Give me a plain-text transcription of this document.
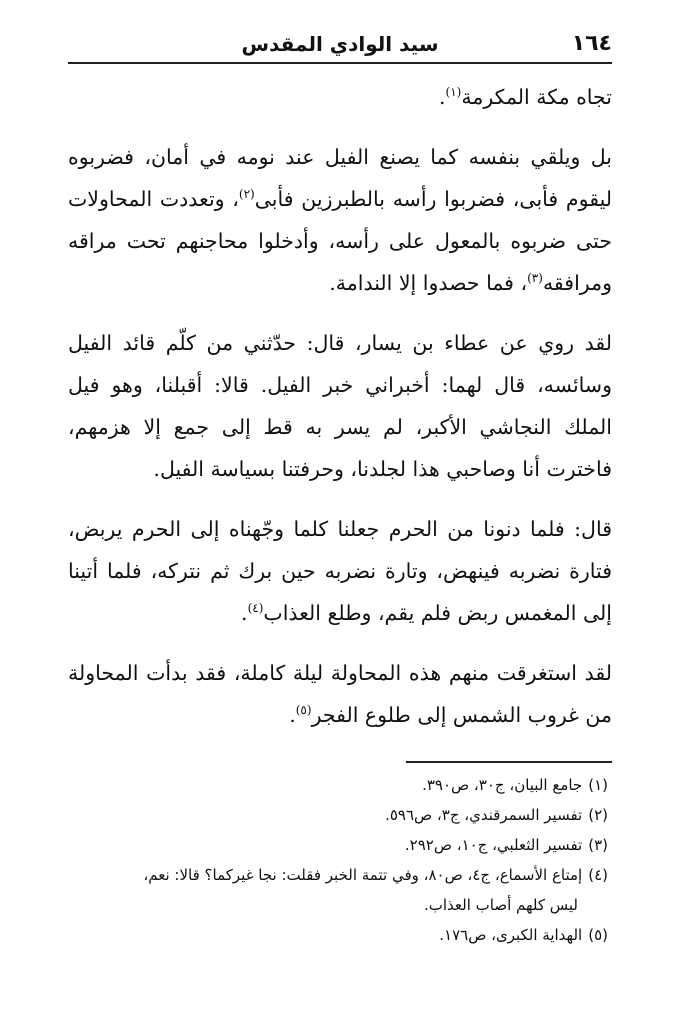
١٦٤
سيد الوادي المقدس

تجاه مكة المكرمة$^{(١)}$.

بل ويلقي بنفسه كما يصنع الفيل عند نومه في أمان، فضربوه ليقوم فأبى، فضربوا رأسه بالطبرزين فأبى$^{(٢)}$، وتعددت المحاولات حتى ضربوه بالمعول على رأسه، وأدخلوا محاجنهم تحت مراقه ومرافقه$^{(٣)}$، فما حصدوا إلا الندامة.

لقد روي عن عطاء بن يسار، قال: حدّثني من كلّم قائد الفيل وسائسه، قال لهما: أخبراني خبر الفيل. قالا: أقبلنا، وهو فيل الملك النجاشي الأكبر، لم يسر به قط إلى جمع إلا هزمهم، فاخترت أنا وصاحبي هذا لجلدنا، وحرفتنا بسياسة الفيل.

قال: فلما دنونا من الحرم جعلنا كلما وجّهناه إلى الحرم يربض، فتارة نضربه فينهض، وتارة نضربه حين برك ثم نتركه، فلما أتينا إلى المغمس ربض فلم يقم، وطلع العذاب$^{(٤)}$.

لقد استغرقت منهم هذه المحاولة ليلة كاملة، فقد بدأت المحاولة من غروب الشمس إلى طلوع الفجر$^{(٥)}$.

(١)جامع البيان، ج٣٠، ص٣٩٠.

(٢)تفسير السمرقندي، ج٣، ص٥٩٦.

(٣)تفسير الثعلبي، ج١٠، ص٢٩٢.

(٤)إمتاع الأسماع، ج٤، ص٨٠، وفي تتمة الخبر فقلت: نجا غيركما؟ قالا: نعم،
ليس كلهم أصاب العذاب.

(٥)الهداية الكبرى، ص١٧٦.
